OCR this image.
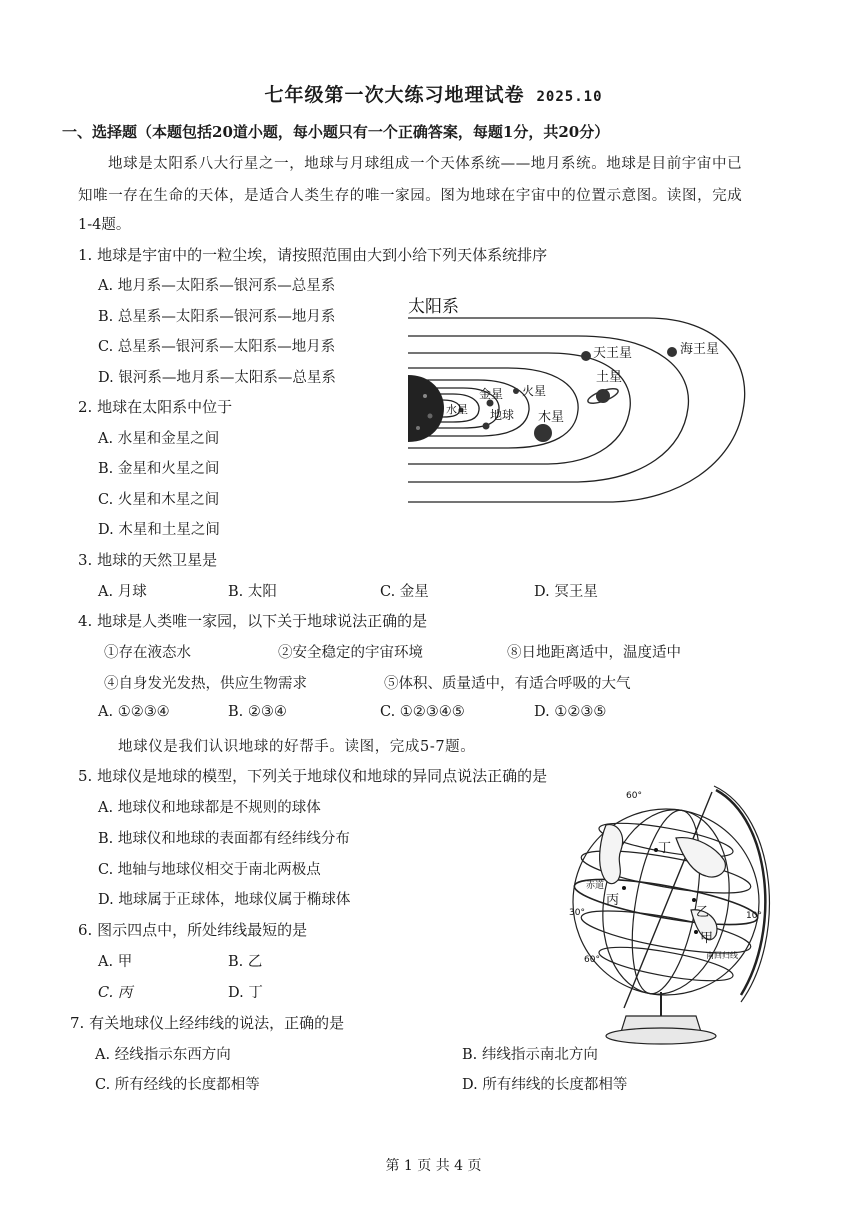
七年级第一次大练习地理试卷 2025.10
一、选择题（本题包括20道小题，每小题只有一个正确答案，每题1分，共20分）
地球是太阳系八大行星之一，地球与月球组成一个天体系统——地月系统。地球是目前宇宙中已
知唯一存在生命的天体，是适合人类生存的唯一家园。图为地球在宇宙中的位置示意图。读图，完成
1-4题。
1. 地球是宇宙中的一粒尘埃，请按照范围由大到小给下列天体系统排序
A. 地月系—太阳系—银河系—总星系
B. 总星系—太阳系—银河系—地月系
C. 总星系—银河系—太阳系—地月系
D. 银河系—地月系—太阳系—总星系
2. 地球在太阳系中位于
A. 水星和金星之间
B. 金星和火星之间
C. 火星和木星之间
D. 木星和土星之间
3. 地球的天然卫星是
A. 月球	B. 太阳	C. 金星	D. 冥王星
4. 地球是人类唯一家园，以下关于地球说法正确的是
①存在液态水	②安全稳定的宇宙环境	⑧日地距离适中，温度适中
④自身发光发热，供应生物需求	⑤体积、质量适中，有适合呼吸的大气
A. ①②③④	B. ②③④	C. ①②③④⑤	D. ①②③⑤
地球仪是我们认识地球的好帮手。读图，完成5-7题。
5. 地球仪是地球的模型，下列关于地球仪和地球的异同点说法正确的是
A. 地球仪和地球都是不规则的球体
B. 地球仪和地球的表面都有经纬线分布
C. 地轴与地球仪相交于南北两极点
D. 地球属于正球体，地球仪属于椭球体
6. 图示四点中，所处纬线最短的是
A. 甲	B. 乙
C. 丙	D. 丁
7. 有关地球仪上经纬线的说法，正确的是
A. 经线指示东西方向	B. 纬线指示南北方向
C. 所有经线的长度都相等	D. 所有纬线的长度都相等
太阳系
水星
金星
地球
火星
木星
土星
天王星	海王星
60°
30°	10°
60°
赤道
南回归线
丁
丙
乙
甲
第 1 页 共 4 页
